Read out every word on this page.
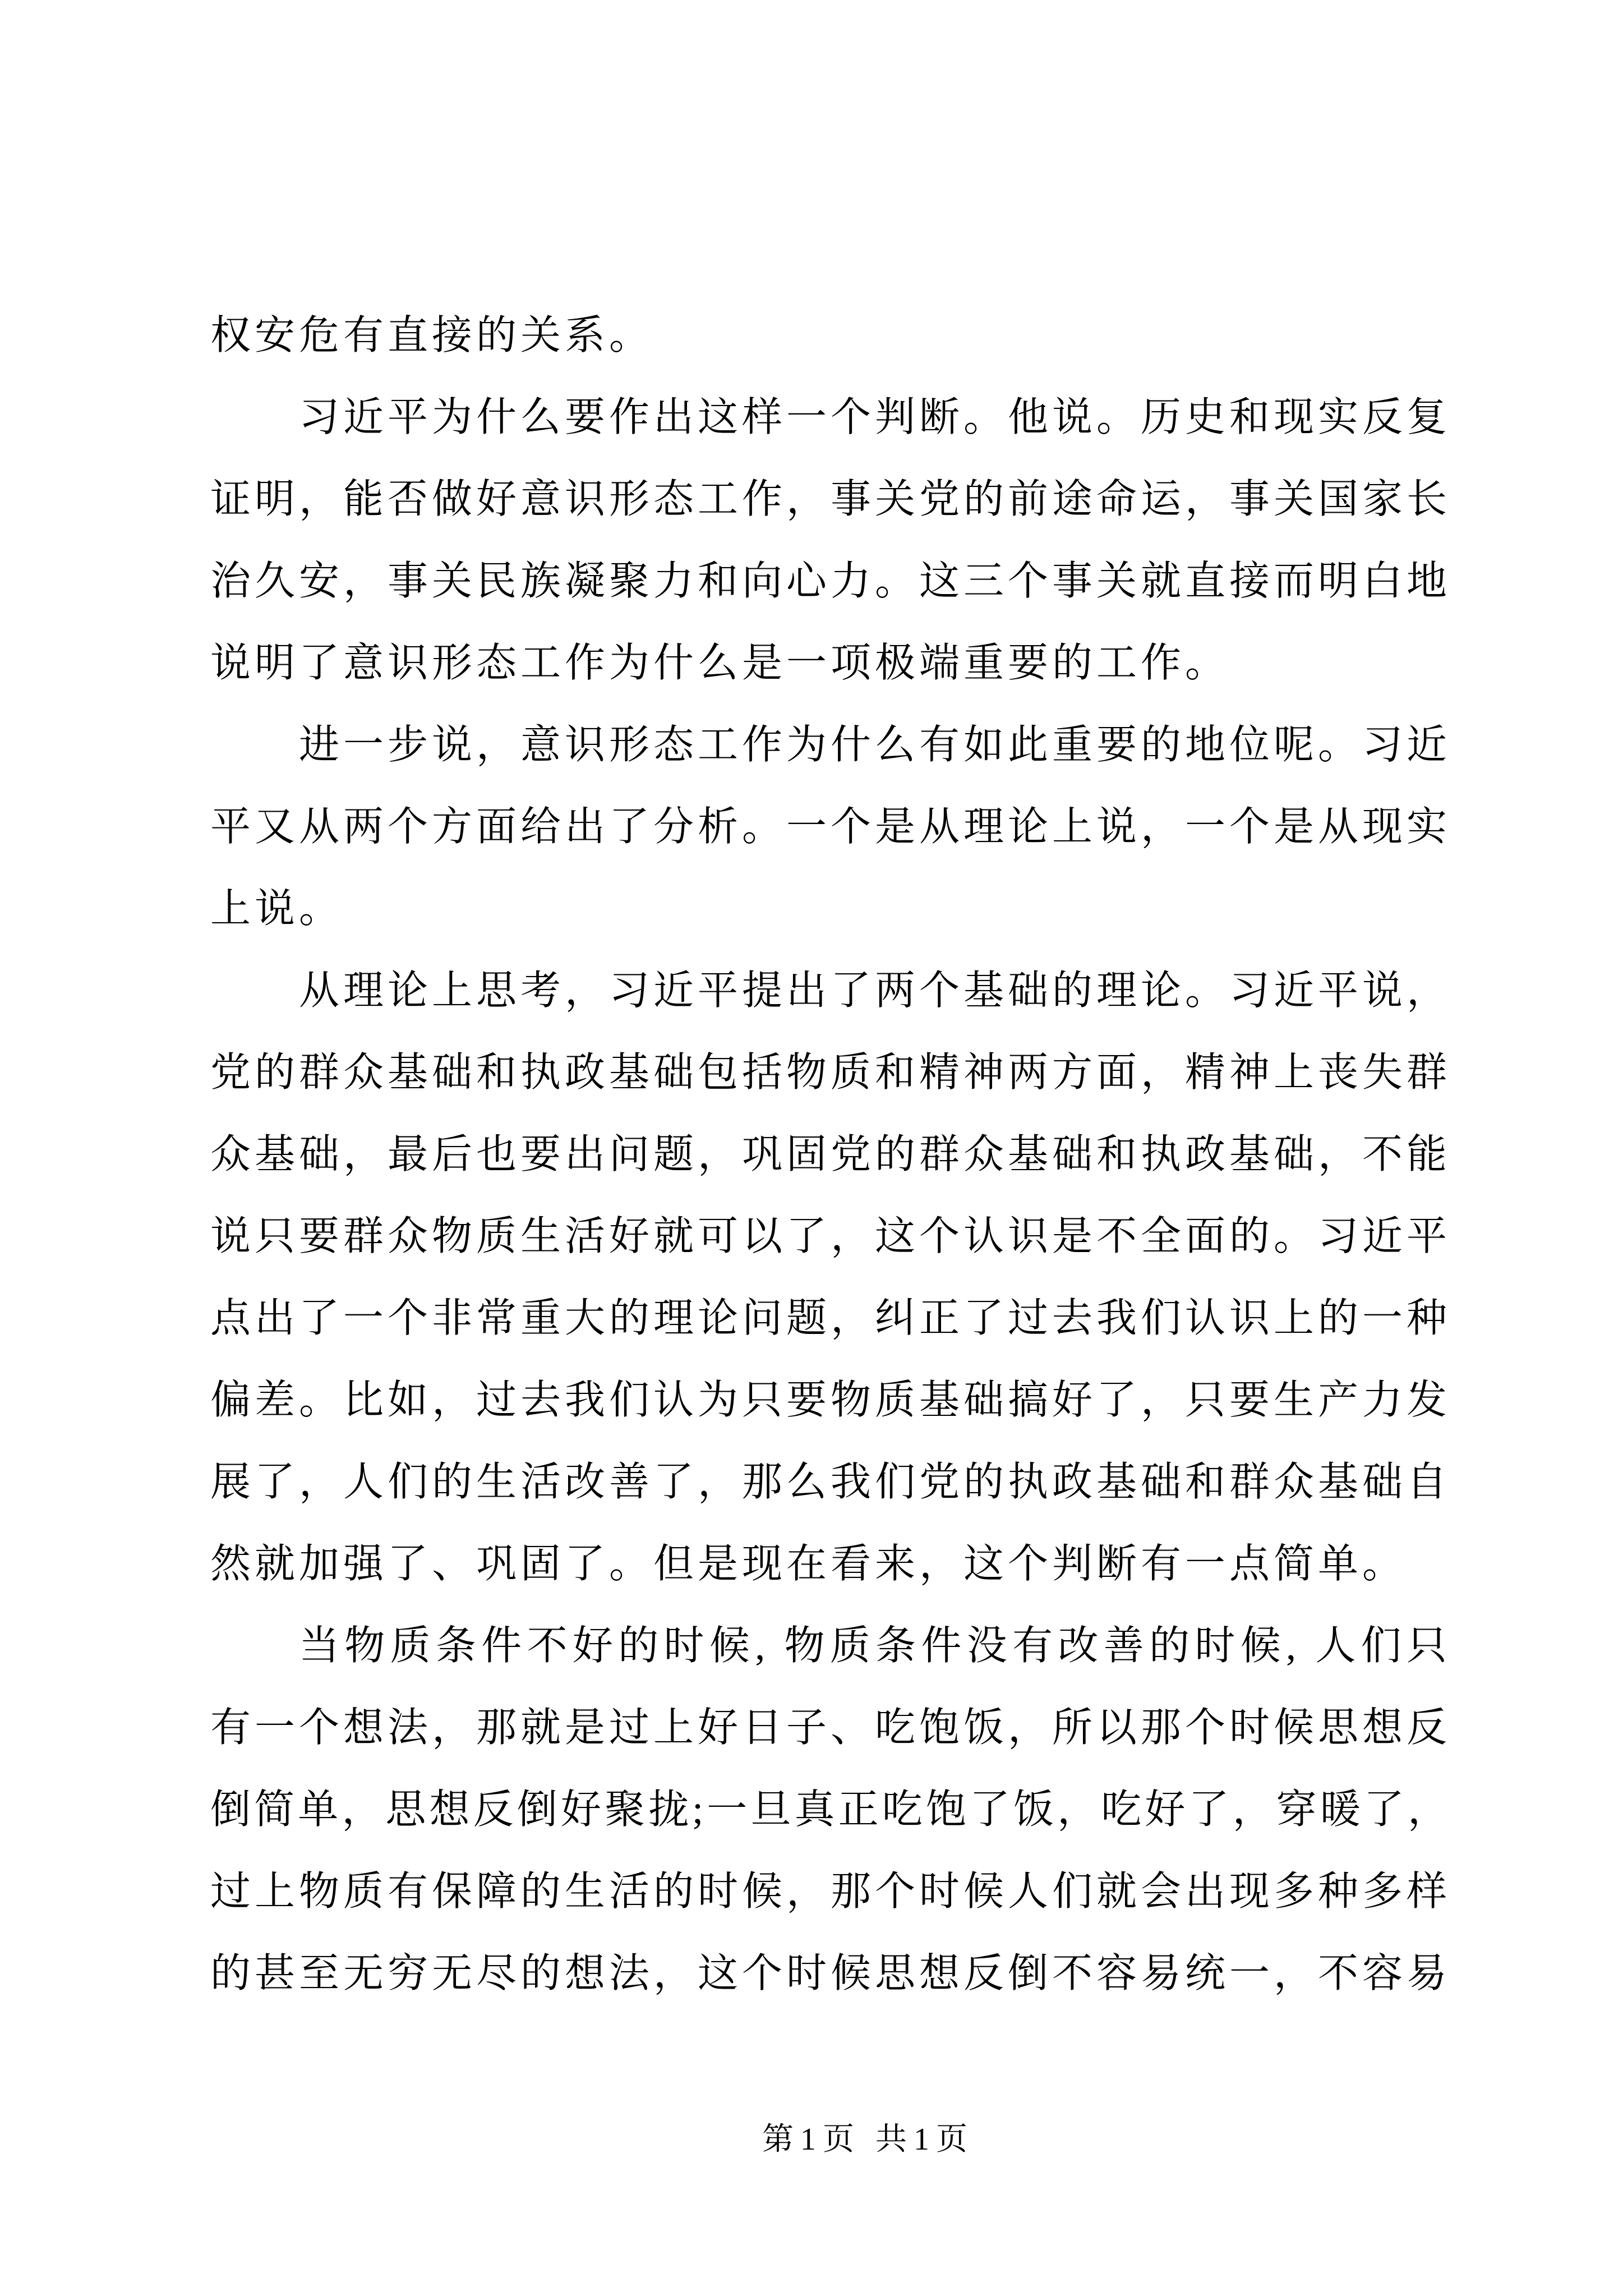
权安危有直接的关系。
习近平为什么要作出这样一个判断。他说。历史和现实反复
证明，能否做好意识形态工作，事关党的前途命运，事关国家长
治久安，事关民族凝聚力和向心力。这三个事关就直接而明白地
说明了意识形态工作为什么是一项极端重要的工作。
进一步说，意识形态工作为什么有如此重要的地位呢。习近
平又从两个方面给出了分析。一个是从理论上说，一个是从现实
上说。
从理论上思考，习近平提出了两个基础的理论。习近平说，
党的群众基础和执政基础包括物质和精神两方面，精神上丧失群
众基础，最后也要出问题，巩固党的群众基础和执政基础，不能
说只要群众物质生活好就可以了，这个认识是不全面的。习近平
点出了一个非常重大的理论问题，纠正了过去我们认识上的一种
偏差。比如，过去我们认为只要物质基础搞好了，只要生产力发
展了，人们的生活改善了，那么我们党的执政基础和群众基础自
然就加强了、巩固了。但是现在看来，这个判断有一点简单。
当物质条件不好的时候, 物质条件没有改善的时候, 人们只
有一个想法，那就是过上好日子、吃饱饭，所以那个时候思想反
倒简单，思想反倒好聚拢;一旦真正吃饱了饭，吃好了，穿暖了，
过上物质有保障的生活的时候，那个时候人们就会出现多种多样
的甚至无穷无尽的想法，这个时候思想反倒不容易统一，不容易
第1页 共1页
